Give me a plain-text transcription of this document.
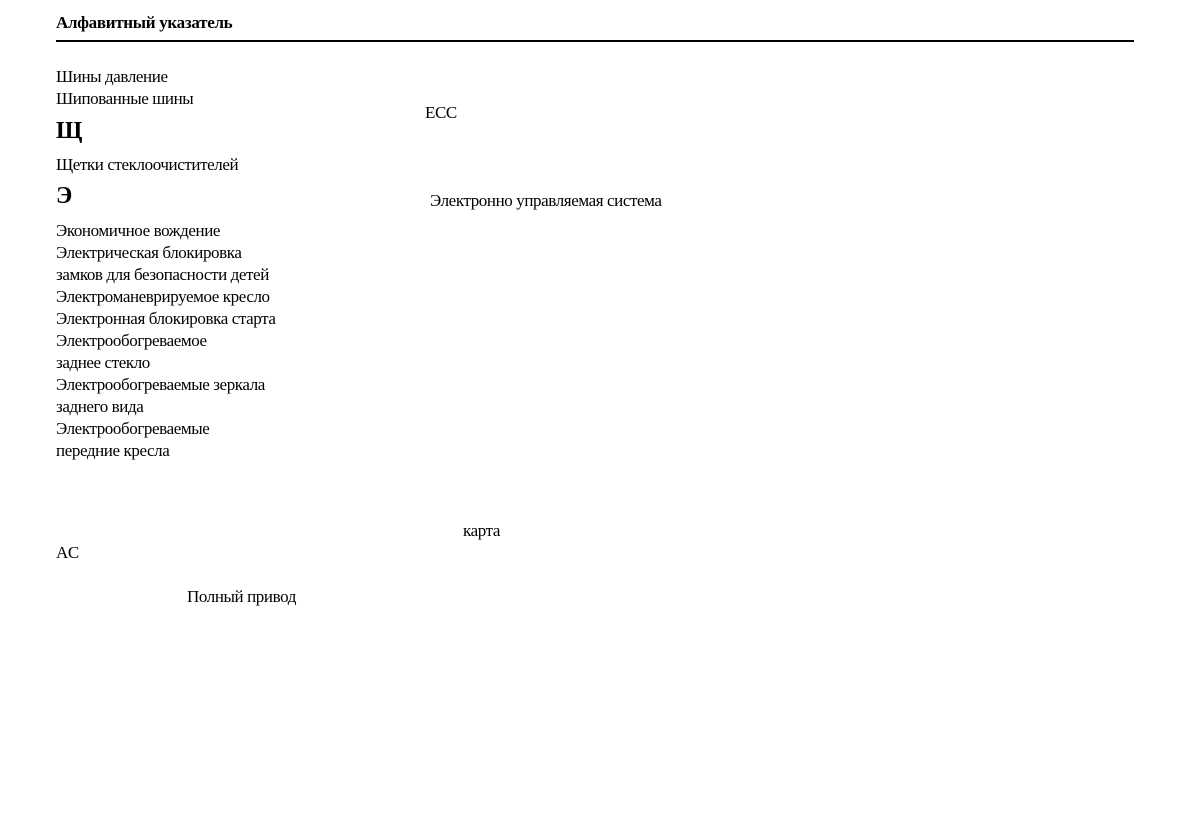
Алфавитный указатель
Шины давление
Шипованные шины
Щ
Щетки стеклоочистителей
Э
Экономичное вождение
Электрическая блокировка
замков для безопасности детей
Электроманеврируемое кресло
Электронная блокировка старта
Электрообогреваемое
заднее стекло
Электрообогреваемые зеркала
заднего вида
Электрообогреваемые
передние кресла
AC
Полный привод
ECC
Электронно управляемая система
карта
